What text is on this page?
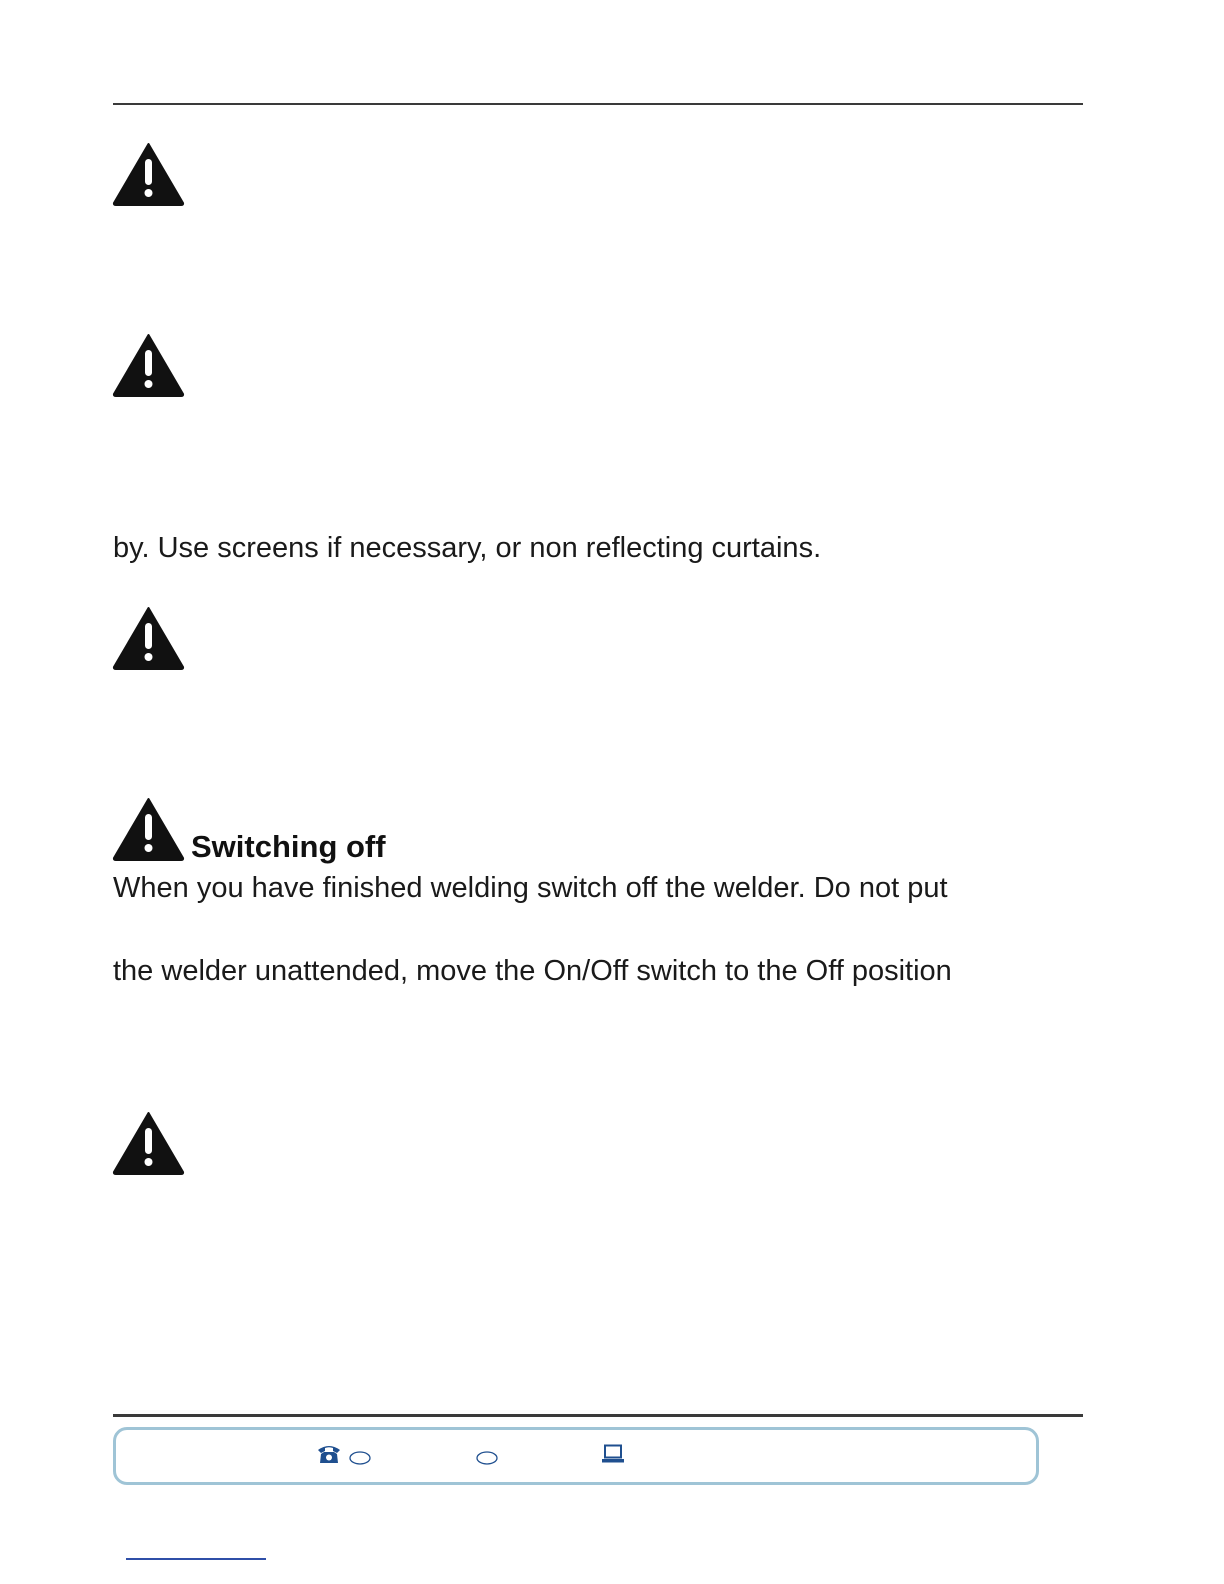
by. Use screens if necessary, or non reflecting curtains.

Switching off

When you have finished welding switch off the welder. Do not put

the welder unattended, move the On/Off switch to the Off position
